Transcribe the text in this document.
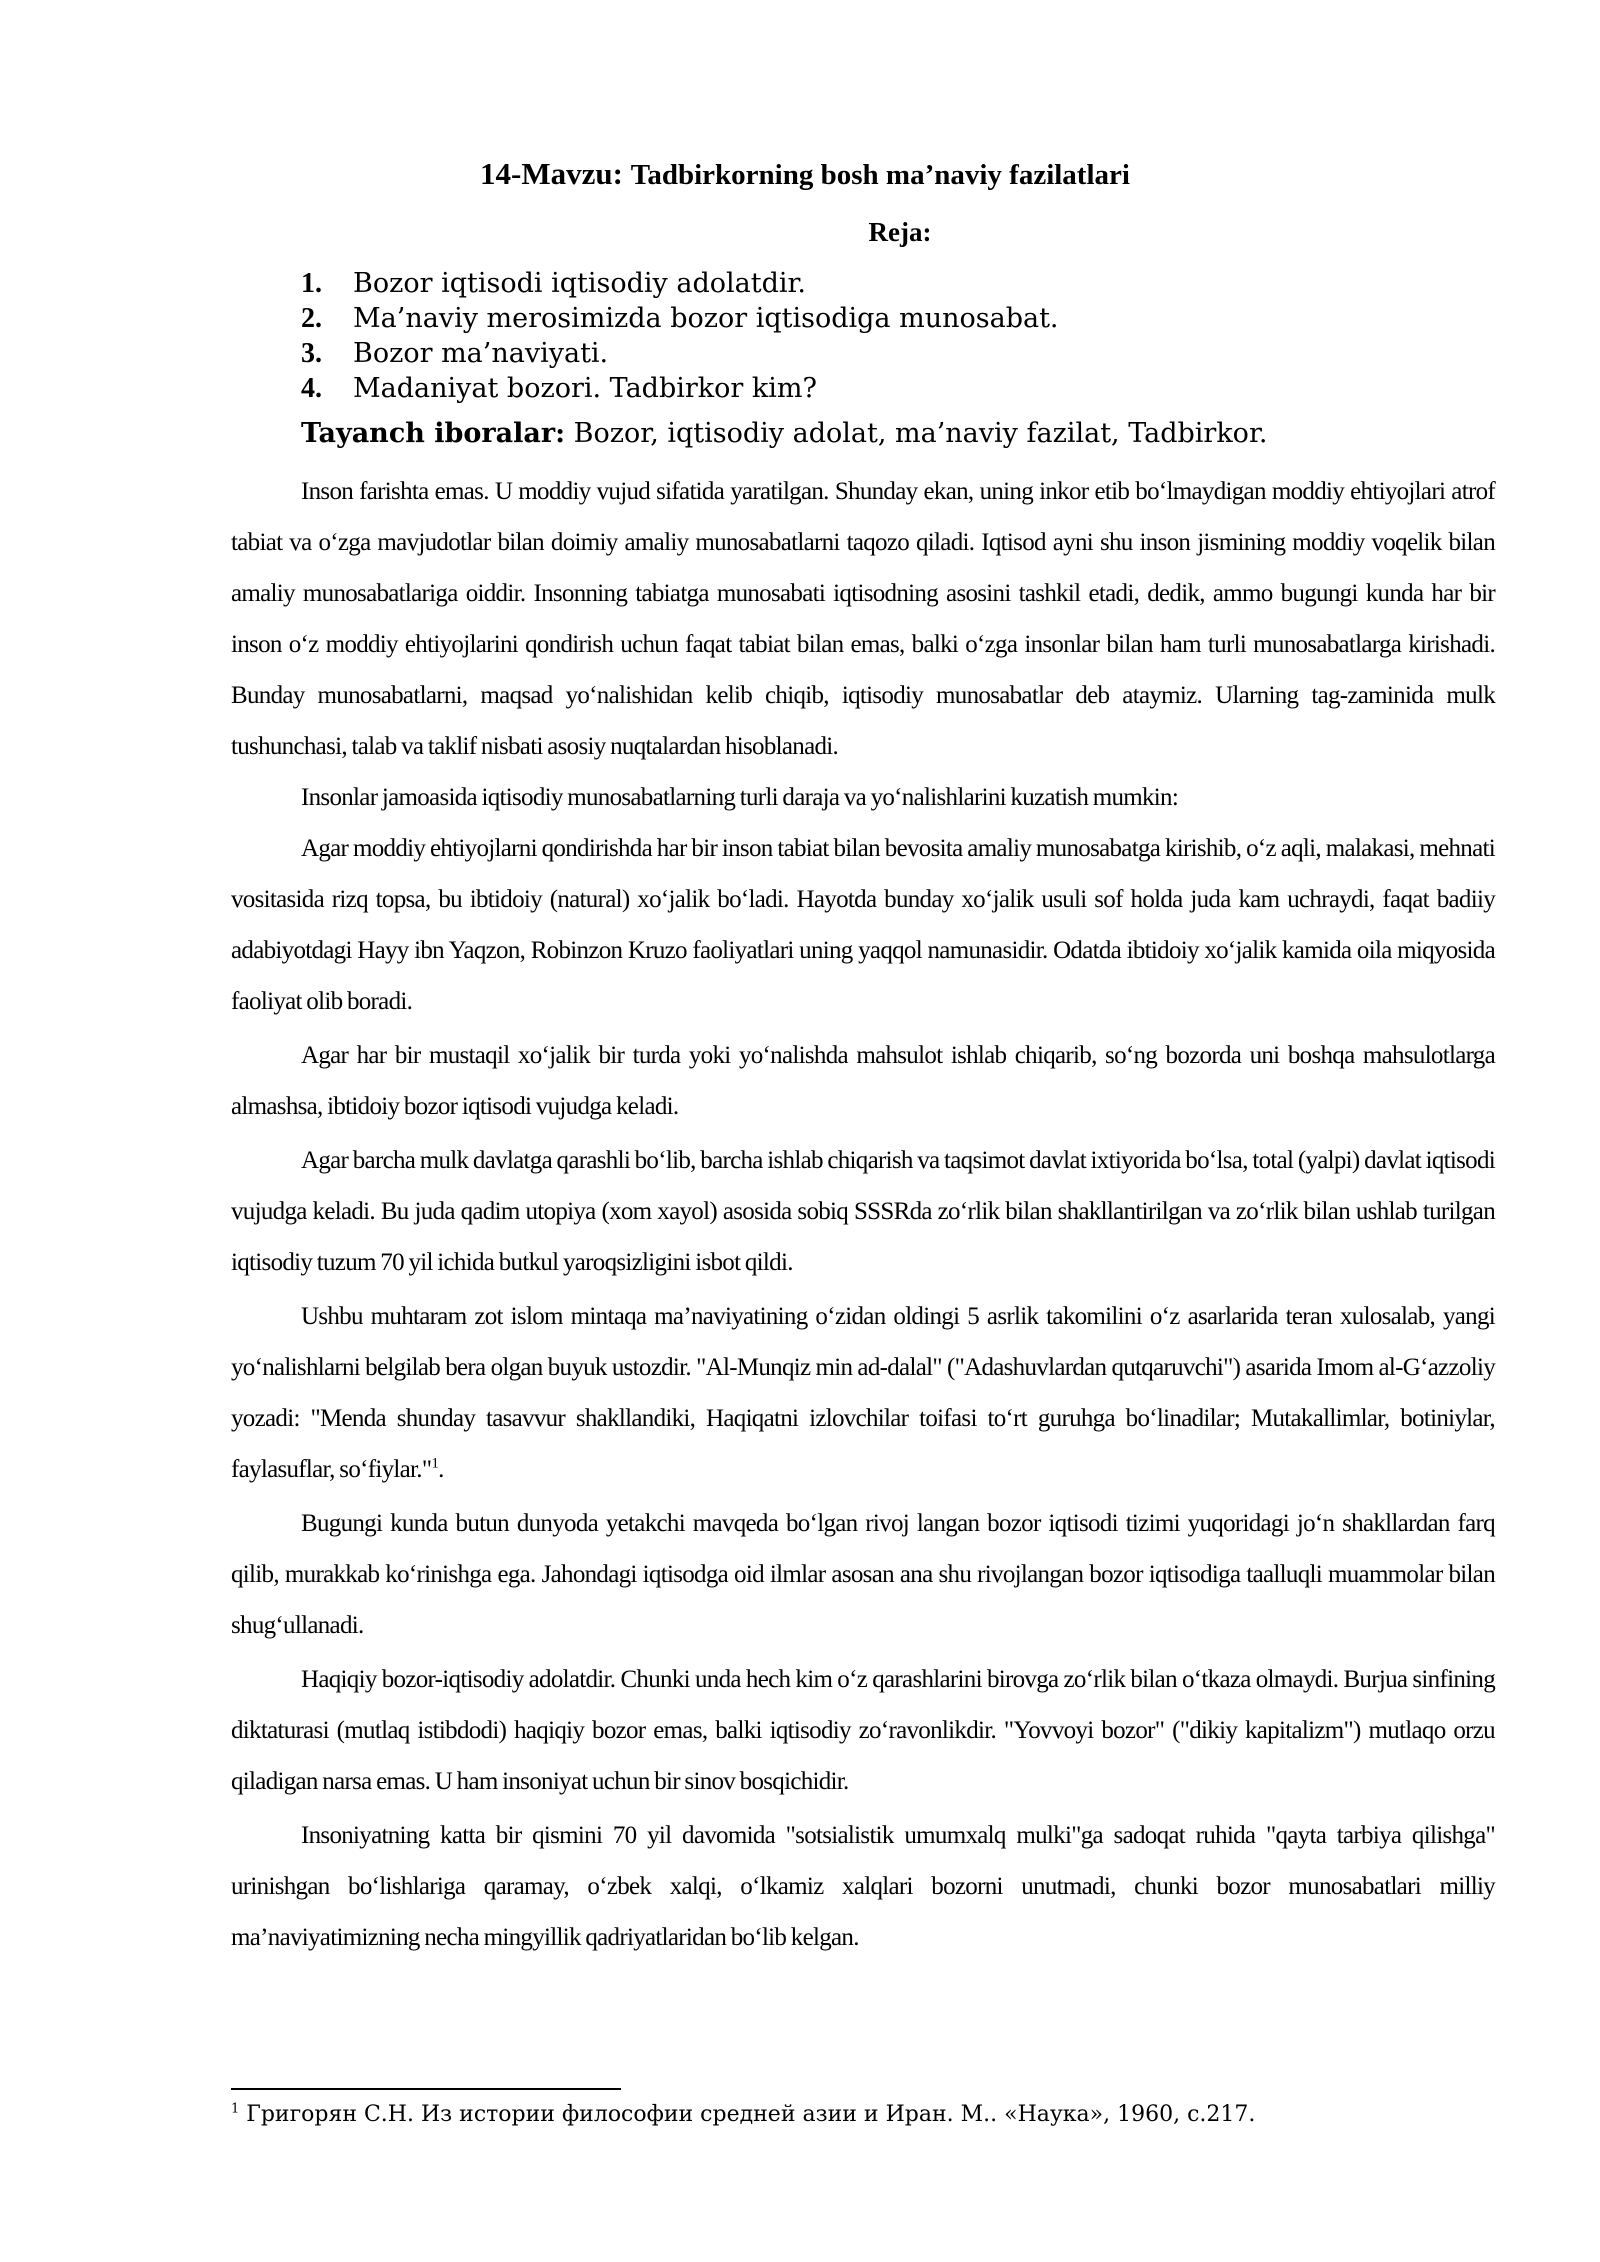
14-Mavzu: Tadbirkorning bosh ma’naviy fazilatlari
Reja:
1. Bozor iqtisodi iqtisodiy adolatdir.
2. Ma’naviy merosimizda bozor iqtisodiga munosabat.
3. Bozor ma’naviyati.
4. Madaniyat bozori. Tadbirkor kim?
Tayanch iboralar: Bozor, iqtisodiy adolat, ma’naviy fazilat, Tadbirkor.

Inson farishta emas. U moddiy vujud sifatida yaratilgan. Shunday ekan, uning inkor etib bo‘lmaydigan moddiy ehtiyojlari atrof tabiat va o‘zga mavjudotlar bilan doimiy amaliy munosabatlarni taqozo qiladi. Iqtisod ayni shu inson jismining moddiy voqelik bilan amaliy munosabatlariga oiddir. Insonning tabiatga munosabati iqtisodning asosini tashkil etadi, dedik, ammo bugungi kunda har bir inson o‘z moddiy ehtiyojlarini qondirish uchun faqat tabiat bilan emas, balki o‘zga insonlar bilan ham turli munosabatlarga kirishadi. Bunday munosabatlarni, maqsad yo‘nalishidan kelib chiqib, iqtisodiy munosabatlar deb ataymiz. Ularning tag-zaminida mulk tushunchasi, talab va taklif nisbati asosiy nuqtalardan hisoblanadi.

Insonlar jamoasida iqtisodiy munosabatlarning turli daraja va yo‘nalishlarini kuzatish mumkin:

Agar moddiy ehtiyojlarni qondirishda har bir inson tabiat bilan bevosita amaliy munosabatga kirishib, o‘z aqli, malakasi, mehnati vositasida rizq topsa, bu ibtidoiy (natural) xo‘jalik bo‘ladi. Hayotda bunday xo‘jalik usuli sof holda juda kam uchraydi, faqat badiiy adabiyotdagi Hayy ibn Yaqzon, Robinzon Kruzo faoliyatlari uning yaqqol namunasidir. Odatda ibtidoiy xo‘jalik kamida oila miqyosida faoliyat olib boradi.

Agar har bir mustaqil xo‘jalik bir turda yoki yo‘nalishda mahsulot ishlab chiqarib, so‘ng bozorda uni boshqa mahsulotlarga almashsa, ibtidoiy bozor iqtisodi vujudga keladi.

Agar barcha mulk davlatga qarashli bo‘lib, barcha ishlab chiqarish va taqsimot davlat ixtiyorida bo‘lsa, total (yalpi) davlat iqtisodi vujudga keladi. Bu juda qadim utopiya (xom xayol) asosida sobiq SSSRda zo‘rlik bilan shakllantirilgan va zo‘rlik bilan ushlab turilgan iqtisodiy tuzum 70 yil ichida butkul yaroqsizligini isbot qildi.

Ushbu muhtaram zot islom mintaqa ma’naviyatining o‘zidan oldingi 5 asrlik takomilini o‘z asarlarida teran xulosalab, yangi yo‘nalishlarni belgilab bera olgan buyuk ustozdir. "Al-Munqiz min ad-dalal" ("Adashuvlardan qutqaruvchi") asarida Imom al-G‘azzoliy yozadi: "Menda shunday tasavvur shakllandiki, Haqiqatni izlovchilar toifasi to‘rt guruhga bo‘linadilar; Mutakallimlar, botiniylar, faylasuflar, so‘fiylar."$^1$.

Bugungi kunda butun dunyoda yetakchi mavqeda bo‘lgan rivoj langan bozor iqtisodi tizimi yuqoridagi jo‘n shakllardan farq qilib, murakkab ko‘rinishga ega. Jahondagi iqtisodga oid ilmlar asosan ana shu rivojlangan bozor iqtisodiga taalluqli muammolar bilan shug‘ullanadi.

Haqiqiy bozor-iqtisodiy adolatdir. Chunki unda hech kim o‘z qarashlarini birovga zo‘rlik bilan o‘tkaza olmaydi. Burjua sinfining diktaturasi (mutlaq istibdodi) haqiqiy bozor emas, balki iqtisodiy zo‘ravonlikdir. "Yovvoyi bozor" ("dikiy kapitalizm") mutlaqo orzu qiladigan narsa emas. U ham insoniyat uchun bir sinov bosqichidir.

Insoniyatning katta bir qismini 70 yil davomida "sotsialistik umumxalq mulki"ga sadoqat ruhida "qayta tarbiya qilishga" urinishgan bo‘lishlariga qaramay, o‘zbek xalqi, o‘lkamiz xalqlari bozorni unutmadi, chunki bozor munosabatlari milliy ma’naviyatimizning necha mingyillik qadriyatlaridan bo‘lib kelgan.

$^1$ Григорян С.Н. Из истории философии средней азии и Иран. М.. «Наука», 1960, с.217.
